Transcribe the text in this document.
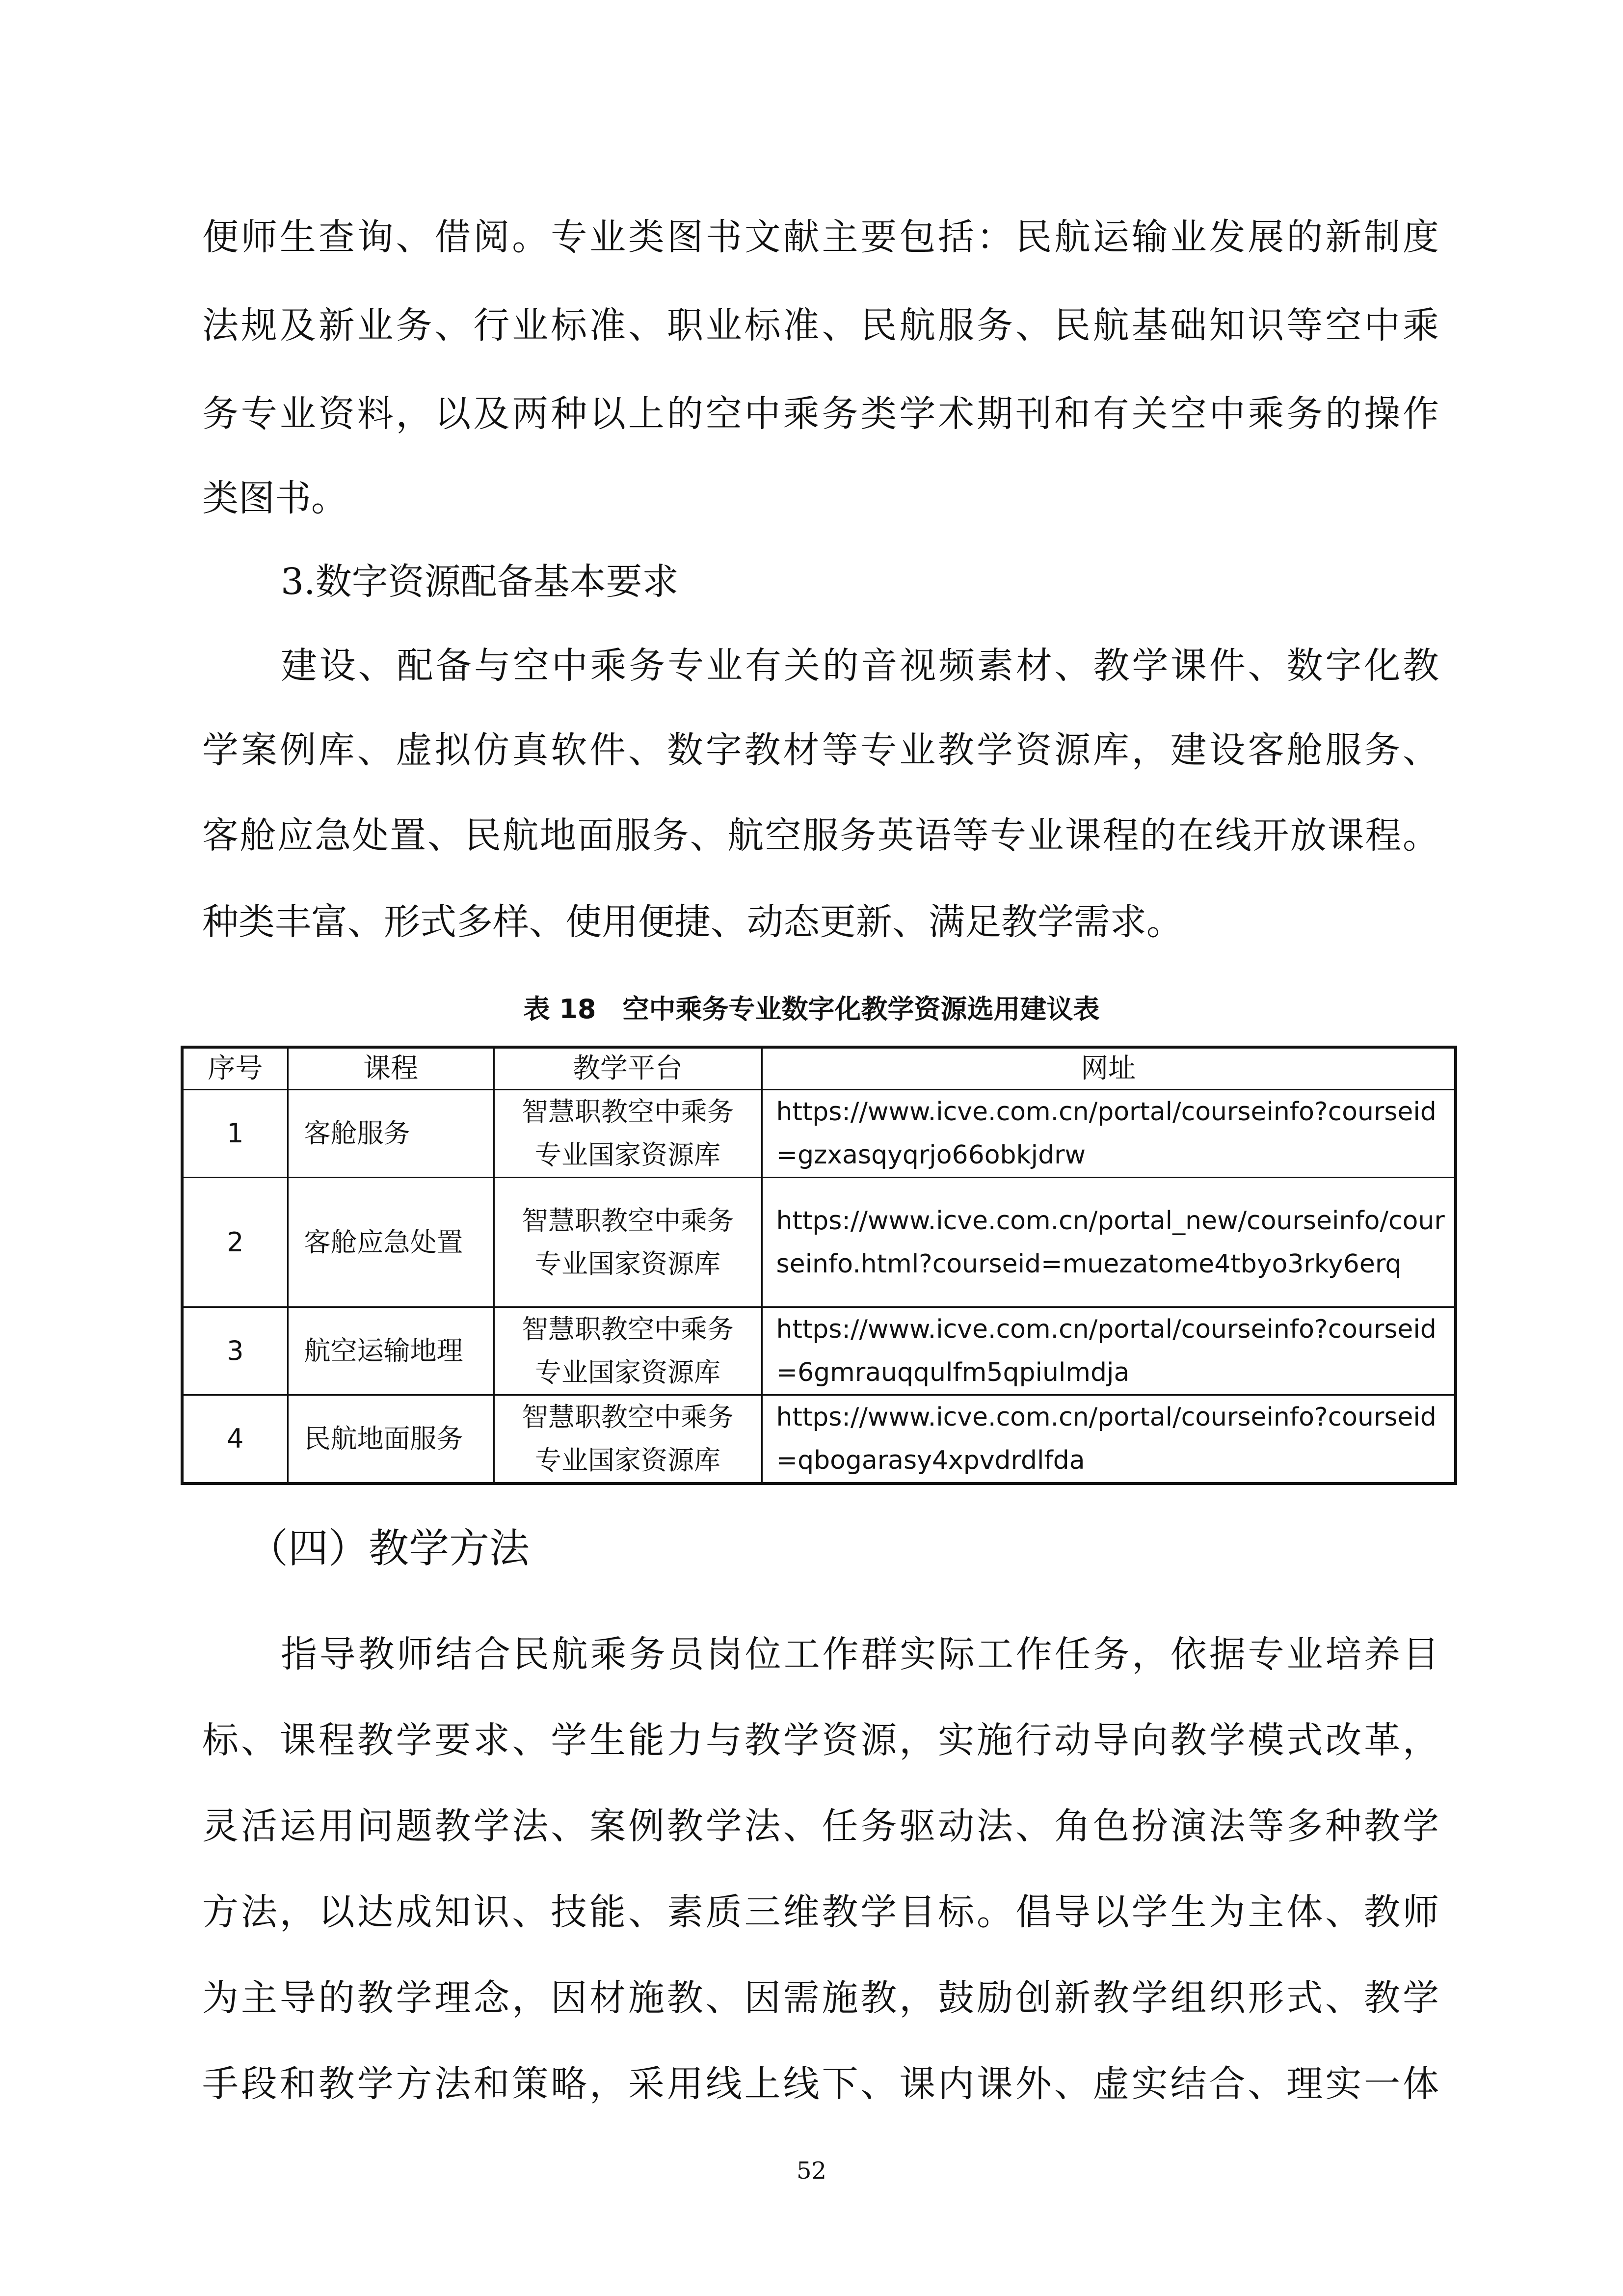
便师生查询、借阅。专业类图书文献主要包括：民航运输业发展的新制度
法规及新业务、行业标准、职业标准、民航服务、民航基础知识等空中乘
务专业资料，以及两种以上的空中乘务类学术期刊和有关空中乘务的操作
类图书。
3.数字资源配备基本要求
建设、配备与空中乘务专业有关的音视频素材、教学课件、数字化教
学案例库、虚拟仿真软件、数字教材等专业教学资源库，建设客舱服务、
客舱应急处置、民航地面服务、航空服务英语等专业课程的在线开放课程。
种类丰富、形式多样、使用便捷、动态更新、满足教学需求。
表 18　空中乘务专业数字化教学资源选用建议表
序号	课程	教学平台	网址
1	客舱服务	智慧职教空中乘务
专业国家资源库	https://www.icve.com.cn/portal/courseinfo?courseid=gzxasqyqrjo66obkjdrw
2	客舱应急处置	智慧职教空中乘务
专业国家资源库	https://www.icve.com.cn/portal_new/courseinfo/courseinfo.html?courseid=muezatome4tbyo3rky6erq
3	航空运输地理	智慧职教空中乘务
专业国家资源库	https://www.icve.com.cn/portal/courseinfo?courseid=6gmrauqqulfm5qpiulmdja
4	民航地面服务	智慧职教空中乘务
专业国家资源库	https://www.icve.com.cn/portal/courseinfo?courseid=qbogarasy4xpvdrdlfda
（四）教学方法
指导教师结合民航乘务员岗位工作群实际工作任务，依据专业培养目
标、课程教学要求、学生能力与教学资源，实施行动导向教学模式改革，
灵活运用问题教学法、案例教学法、任务驱动法、角色扮演法等多种教学
方法，以达成知识、技能、素质三维教学目标。倡导以学生为主体、教师
为主导的教学理念，因材施教、因需施教，鼓励创新教学组织形式、教学
手段和教学方法和策略，采用线上线下、课内课外、虚实结合、理实一体
52
